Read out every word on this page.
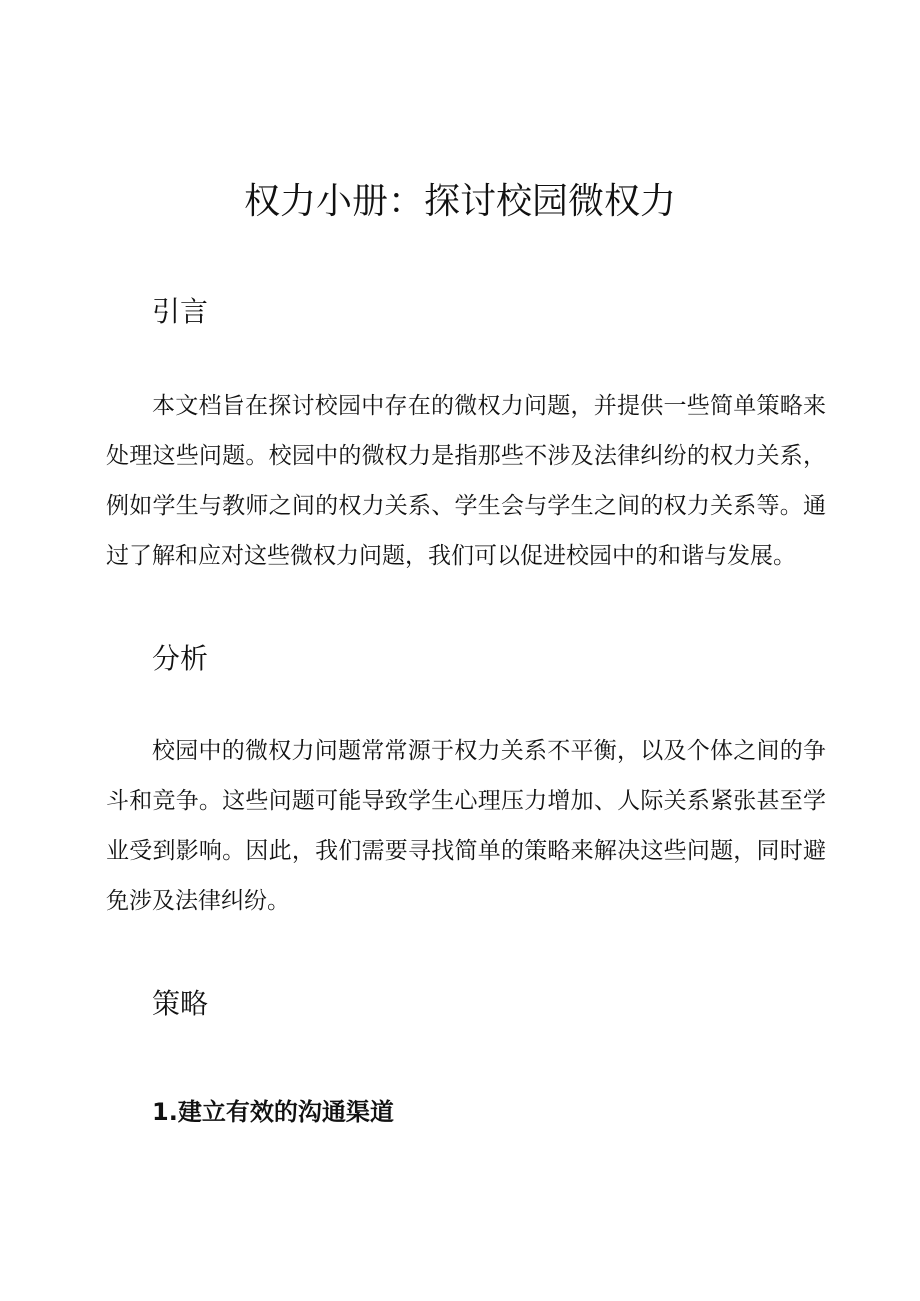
权力小册：探讨校园微权力
引言

本文档旨在探讨校园中存在的微权力问题，并提供一些简单策略来处理这些问题。校园中的微权力是指那些不涉及法律纠纷的权力关系，例如学生与教师之间的权力关系、学生会与学生之间的权力关系等。通过了解和应对这些微权力问题，我们可以促进校园中的和谐与发展。

分析

校园中的微权力问题常常源于权力关系不平衡，以及个体之间的争斗和竞争。这些问题可能导致学生心理压力增加、人际关系紧张甚至学业受到影响。因此，我们需要寻找简单的策略来解决这些问题，同时避免涉及法律纠纷。

策略
1.建立有效的沟通渠道
